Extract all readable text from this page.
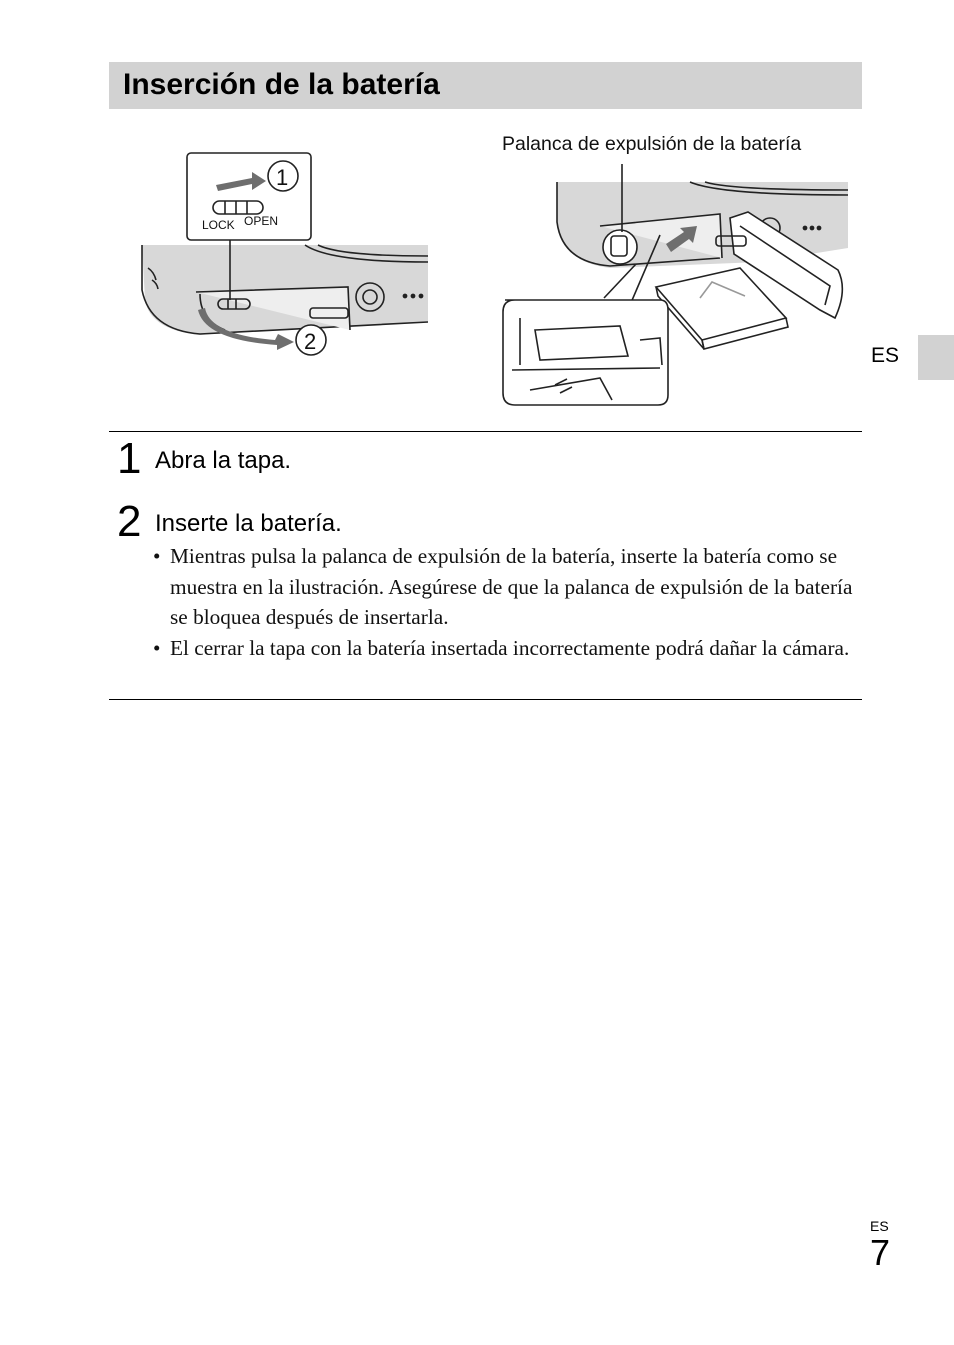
Inserción de la batería
ES
Palanca de expulsión de la batería
LOCK OPEN
1
2
1 Abra la tapa.
2 Inserte la batería.
• Mientras pulsa la palanca de expulsión de la batería, inserte la batería como se muestra en la ilustración. Asegúrese de que la palanca de expulsión de la batería se bloquea después de insertarla.
• El cerrar la tapa con la batería insertada incorrectamente podrá dañar la cámara.
ES
7
